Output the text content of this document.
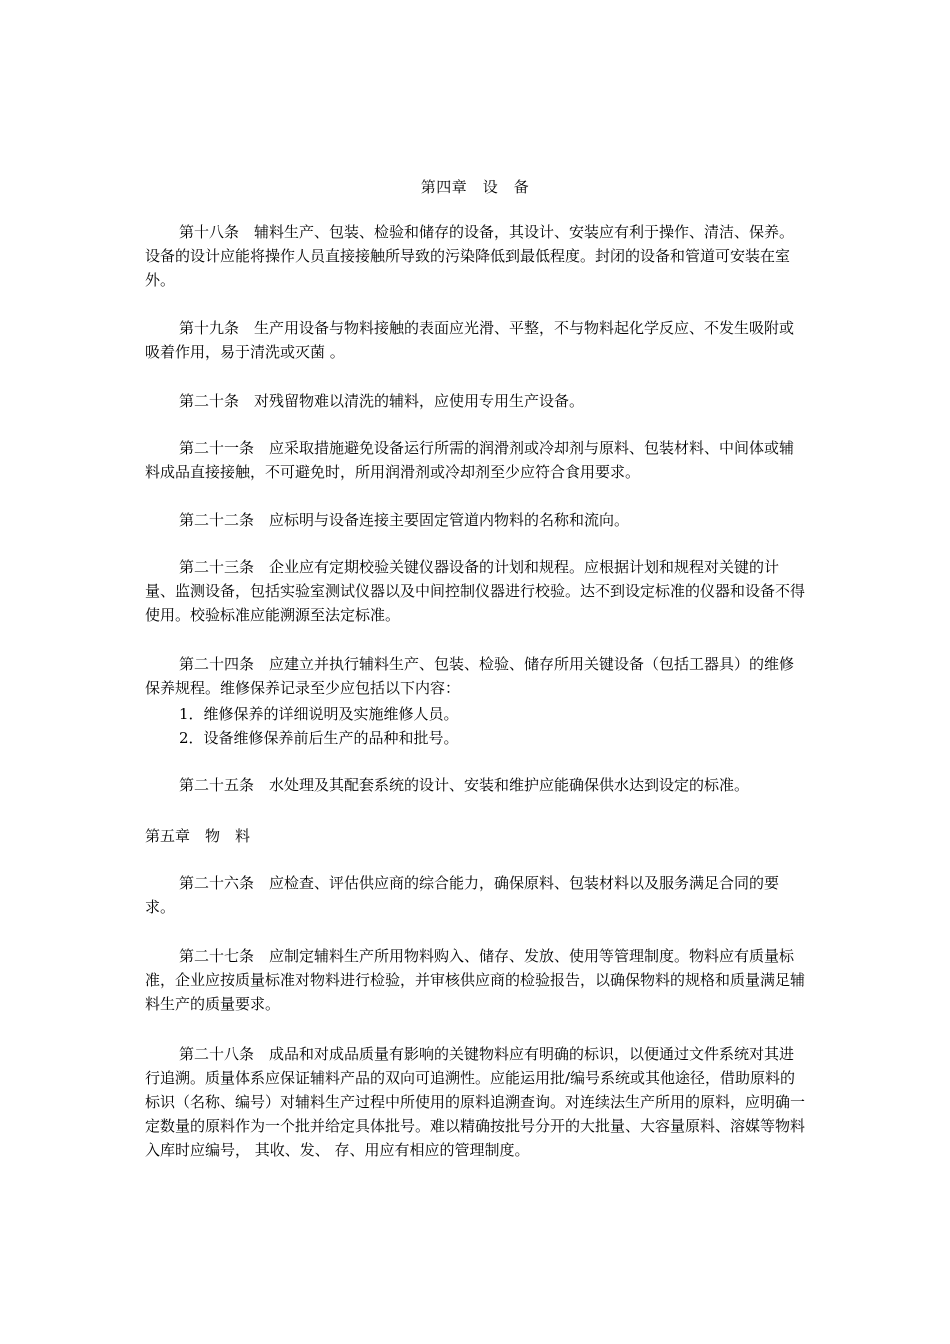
第四章　设　备

第十八条　辅料生产、包装、检验和储存的设备，其设计、安装应有利于操作、清洁、保养。设备的设计应能将操作人员直接接触所导致的污染降低到最低程度。封闭的设备和管道可安装在室外。

第十九条　生产用设备与物料接触的表面应光滑、平整，不与物料起化学反应、不发生吸附或吸着作用，易于清洗或灭菌 。

第二十条　对残留物难以清洗的辅料，应使用专用生产设备。

第二十一条　应采取措施避免设备运行所需的润滑剂或冷却剂与原料、包装材料、中间体或辅料成品直接接触，不可避免时，所用润滑剂或冷却剂至少应符合食用要求。

第二十二条　应标明与设备连接主要固定管道内物料的名称和流向。

第二十三条　企业应有定期校验关键仪器设备的计划和规程。应根据计划和规程对关键的计量、监测设备，包括实验室测试仪器以及中间控制仪器进行校验。达不到设定标准的仪器和设备不得使用。校验标准应能溯源至法定标准。

第二十四条　应建立并执行辅料生产、包装、检验、储存所用关键设备（包括工器具）的维修保养规程。维修保养记录至少应包括以下内容：

1．维修保养的详细说明及实施维修人员。
2．设备维修保养前后生产的品种和批号。

第二十五条　水处理及其配套系统的设计、安装和维护应能确保供水达到设定的标准。

第五章　物　料

第二十六条　应检查、评估供应商的综合能力，确保原料、包装材料以及服务满足合同的要求。

第二十七条　应制定辅料生产所用物料购入、储存、发放、使用等管理制度。物料应有质量标准，企业应按质量标准对物料进行检验，并审核供应商的检验报告，以确保物料的规格和质量满足辅料生产的质量要求。

第二十八条　成品和对成品质量有影响的关键物料应有明确的标识，以便通过文件系统对其进行追溯。质量体系应保证辅料产品的双向可追溯性。应能运用批/编号系统或其他途径，借助原料的标识（名称、编号）对辅料生产过程中所使用的原料追溯查询。对连续法生产所用的原料，应明确一定数量的原料作为一个批并给定具体批号。难以精确按批号分开的大批量、大容量原料、溶媒等物料入库时应编号， 其收、发、 存、用应有相应的管理制度。
